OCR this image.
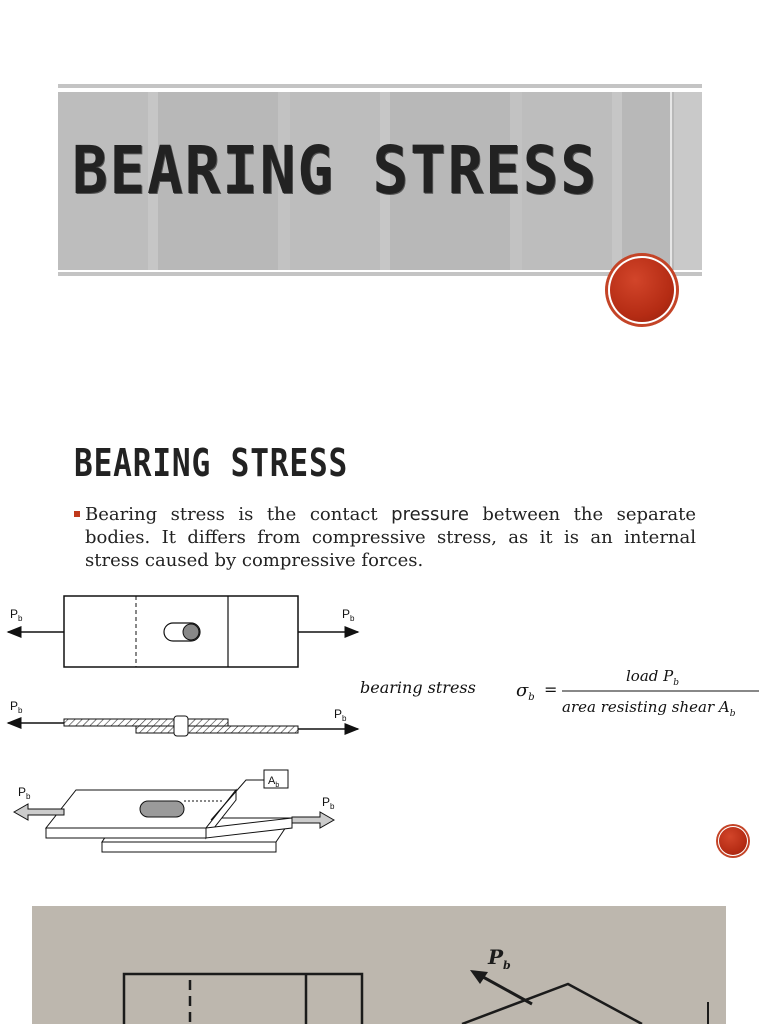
BEARING STRESS
BEARING STRESS
Bearing stress is the contact pressure between the separate bodies. It differs from compressive stress, as it is an internal stress caused by compressive forces.
$P_b$	$P_b$
$P_b$	$P_b$
$A_b$
$P_b$	$P_b$
bearing stress $\sigma_b$ =
load $P_b$
area resisting shear $A_b$
$P_b$
